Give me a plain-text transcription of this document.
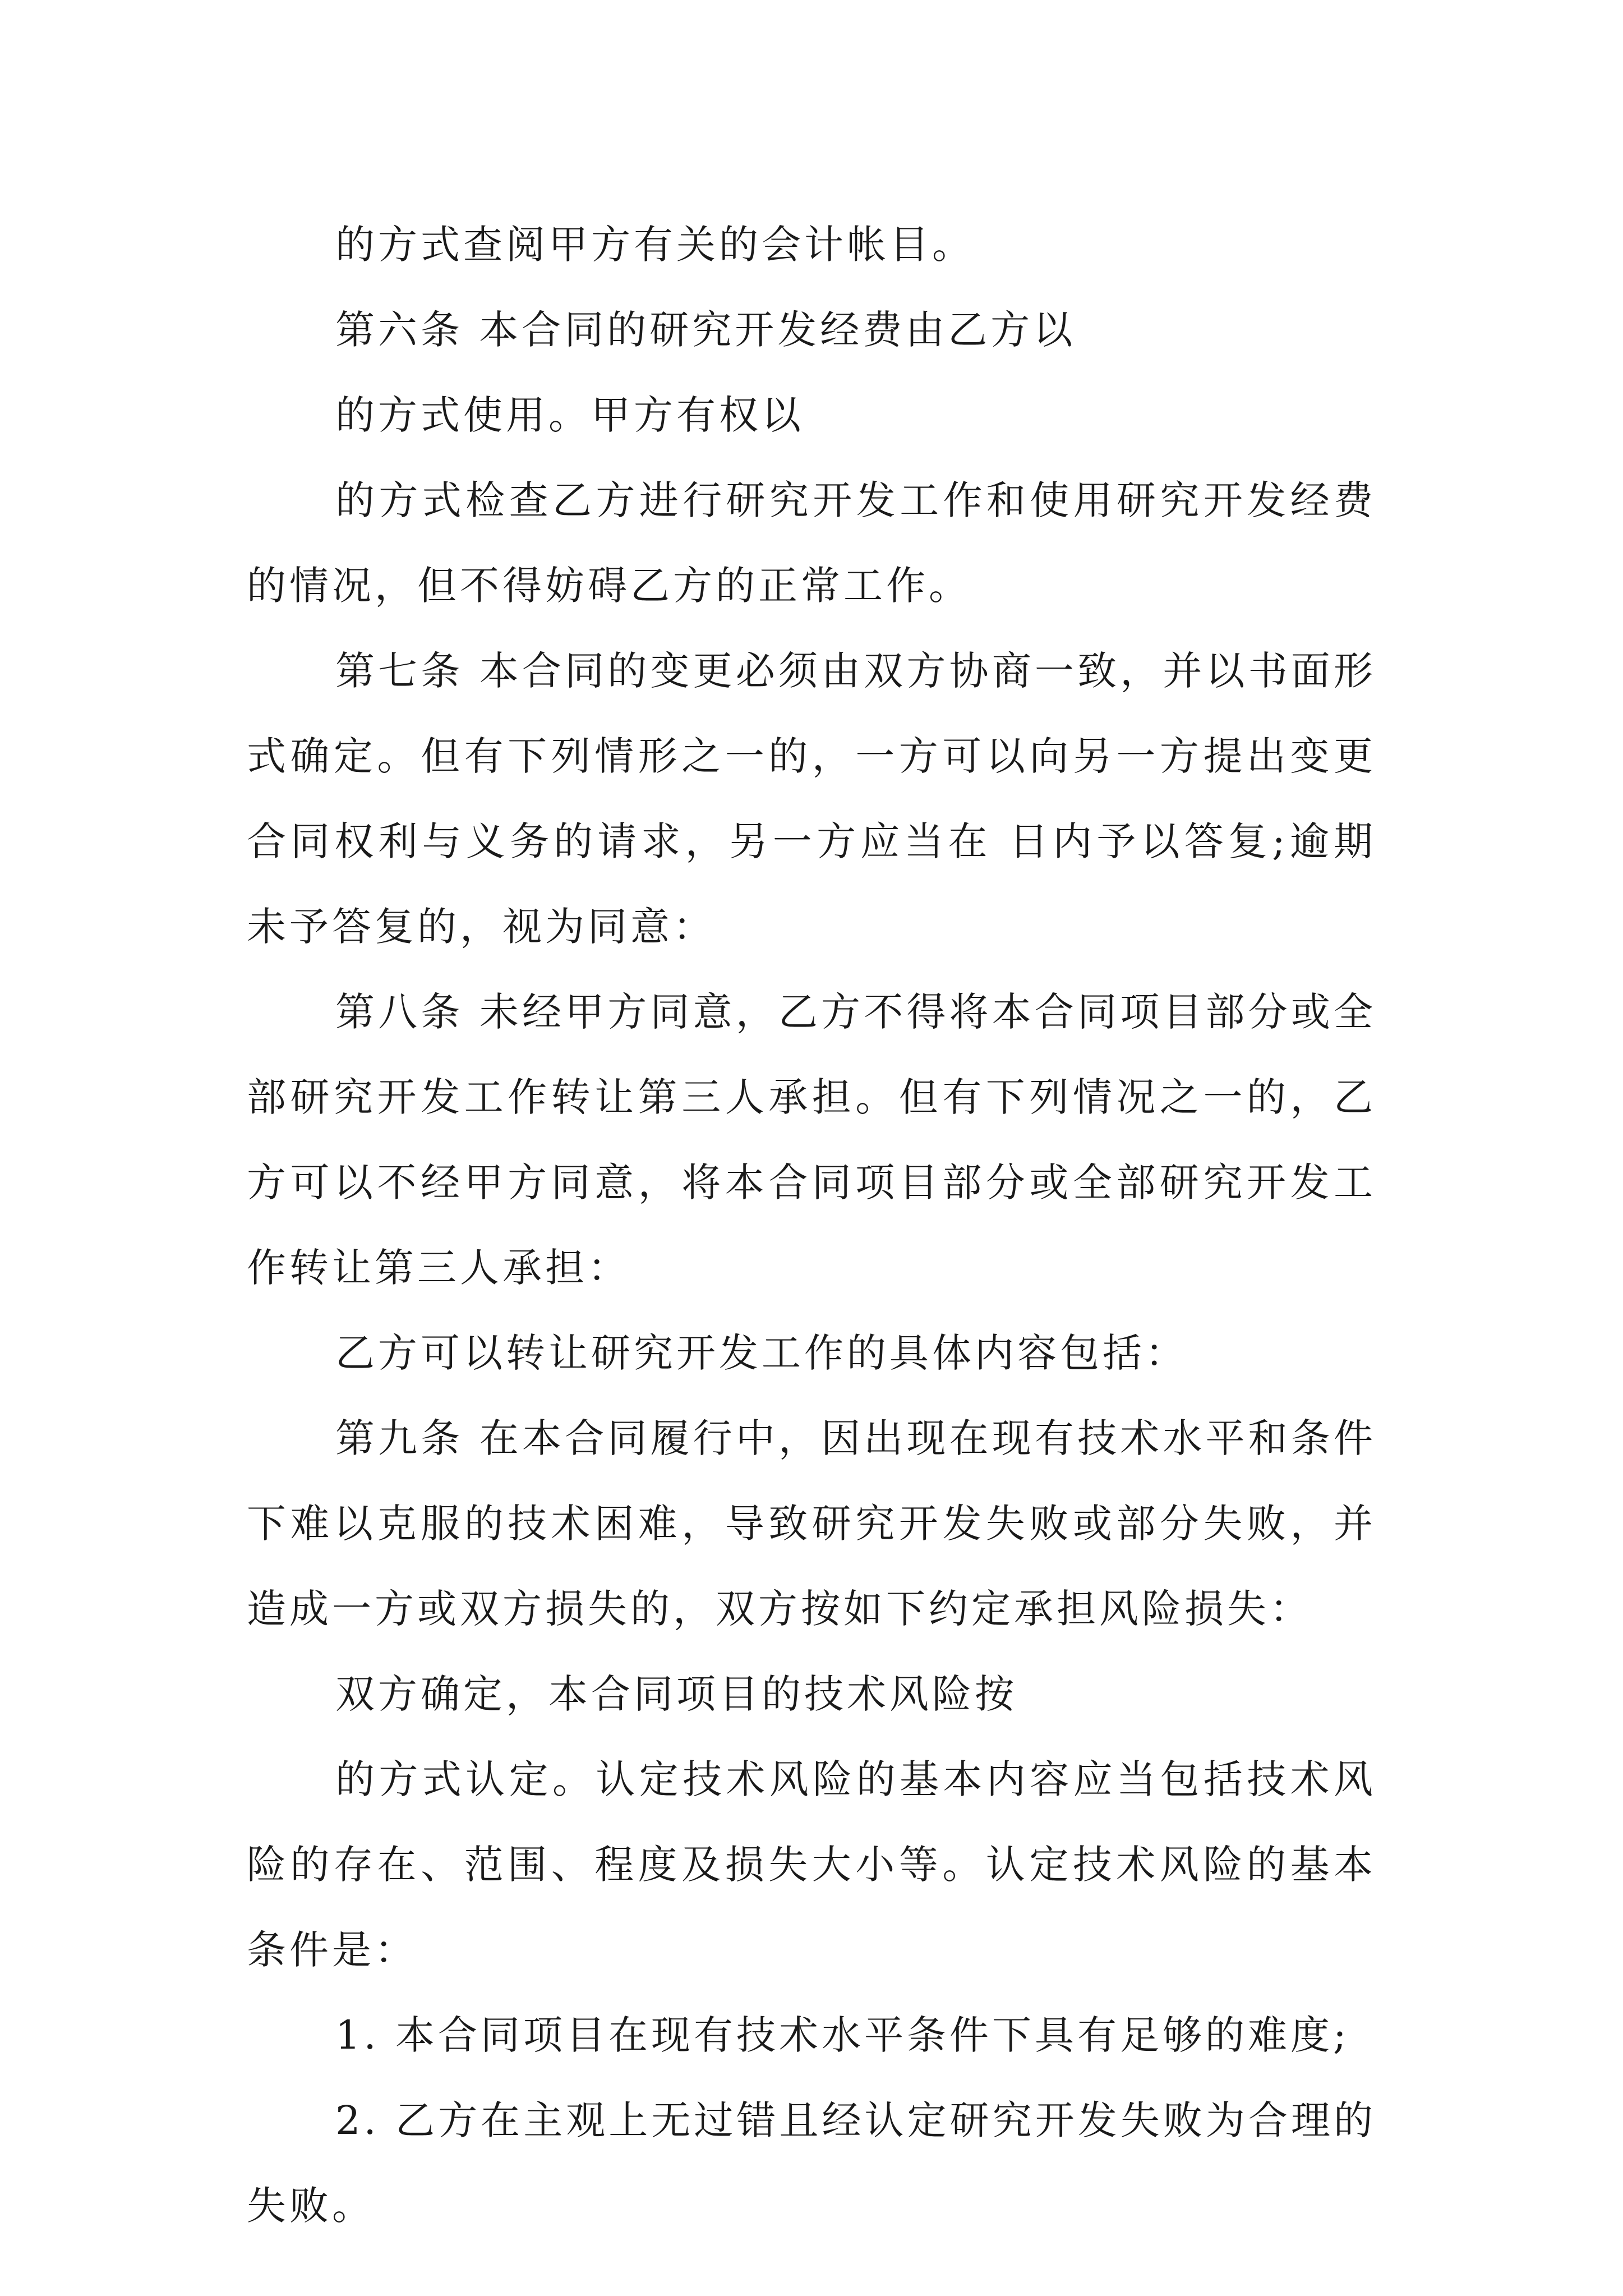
的方式查阅甲方有关的会计帐目。

第六条 本合同的研究开发经费由乙方以

的方式使用。甲方有权以

的方式检查乙方进行研究开发工作和使用研究开发经费的情况，但不得妨碍乙方的正常工作。

第七条 本合同的变更必须由双方协商一致，并以书面形式确定。但有下列情形之一的，一方可以向另一方提出变更合同权利与义务的请求，另一方应当在 日内予以答复;逾期未予答复的，视为同意：

第八条 未经甲方同意，乙方不得将本合同项目部分或全部研究开发工作转让第三人承担。但有下列情况之一的，乙方可以不经甲方同意，将本合同项目部分或全部研究开发工作转让第三人承担：

乙方可以转让研究开发工作的具体内容包括：

第九条 在本合同履行中，因出现在现有技术水平和条件下难以克服的技术困难，导致研究开发失败或部分失败，并造成一方或双方损失的，双方按如下约定承担风险损失：

双方确定，本合同项目的技术风险按

的方式认定。认定技术风险的基本内容应当包括技术风险的存在、范围、程度及损失大小等。认定技术风险的基本条件是：

1. 本合同项目在现有技术水平条件下具有足够的难度;

2. 乙方在主观上无过错且经认定研究开发失败为合理的失败。
